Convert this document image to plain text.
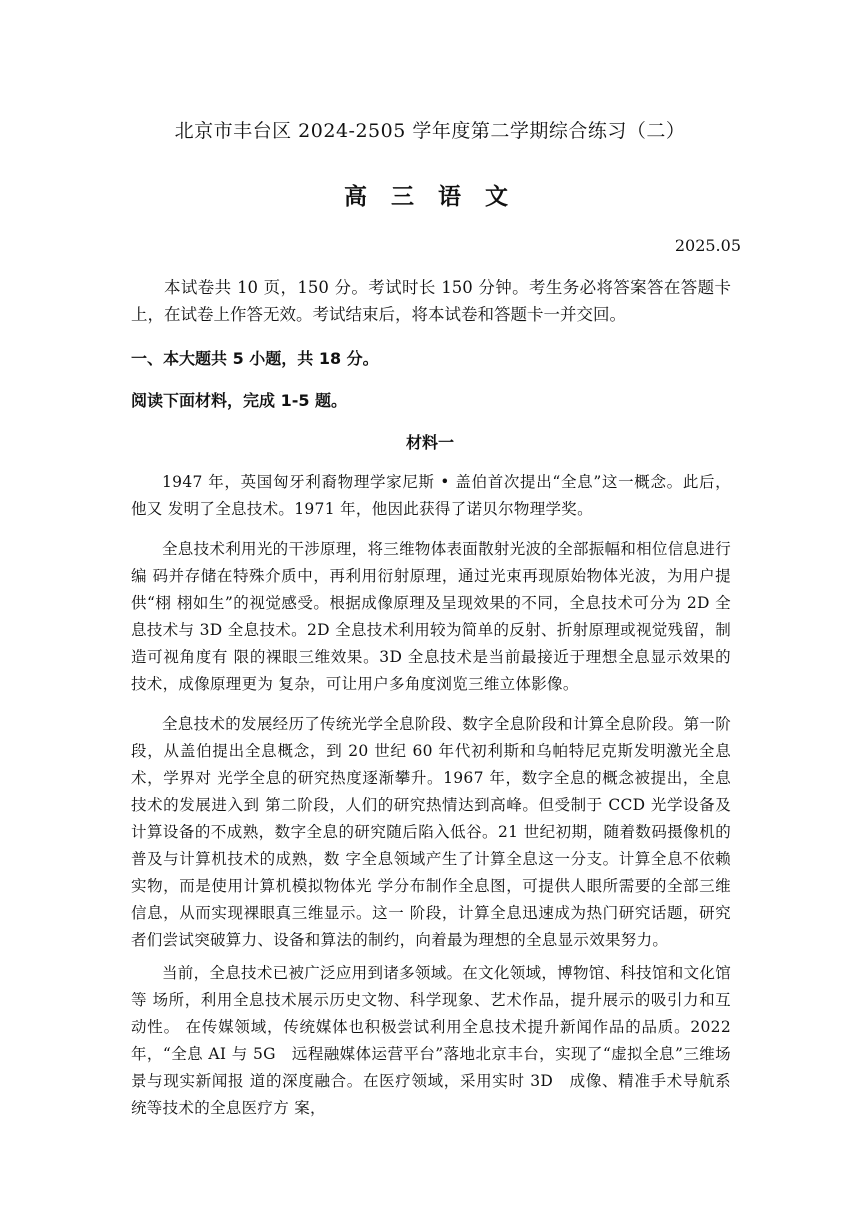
北京市丰台区 2024-2505 学年度第二学期综合练习（二）
高 三 语 文
2025.05
本试卷共 10 页，150 分。考试时长 150 分钟。考生务必将答案答在答题卡上，在试卷上作答无效。考试结束后，将本试卷和答题卡一并交回。
一、本大题共 5 小题，共 18 分。
阅读下面材料，完成 1-5 题。
材料一
1947 年，英国匈牙利裔物理学家尼斯 • 盖伯首次提出“全息”这一概念。此后，他又 发明了全息技术。1971 年，他因此获得了诺贝尔物理学奖。
全息技术利用光的干涉原理，将三维物体表面散射光波的全部振幅和相位信息进行编 码并存储在特殊介质中，再利用衍射原理，通过光束再现原始物体光波，为用户提供“栩 栩如生”的视觉感受。根据成像原理及呈现效果的不同，全息技术可分为 2D 全息技术与 3D 全息技术。2D 全息技术利用较为简单的反射、折射原理或视觉残留，制造可视角度有 限的裸眼三维效果。3D 全息技术是当前最接近于理想全息显示效果的技术，成像原理更为 复杂，可让用户多角度浏览三维立体影像。
全息技术的发展经历了传统光学全息阶段、数字全息阶段和计算全息阶段。第一阶段，从盖伯提出全息概念，到 20 世纪 60 年代初利斯和乌帕特尼克斯发明激光全息术，学界对 光学全息的研究热度逐渐攀升。1967 年，数字全息的概念被提出，全息技术的发展进入到 第二阶段，人们的研究热情达到高峰。但受制于 CCD 光学设备及计算设备的不成熟，数字全息的研究随后陷入低谷。21 世纪初期，随着数码摄像机的普及与计算机技术的成熟，数 字全息领域产生了计算全息这一分支。计算全息不依赖实物，而是使用计算机模拟物体光 学分布制作全息图，可提供人眼所需要的全部三维信息，从而实现裸眼真三维显示。这一 阶段，计算全息迅速成为热门研究话题，研究者们尝试突破算力、设备和算法的制约，向着最为理想的全息显示效果努力。
当前，全息技术已被广泛应用到诸多领域。在文化领域，博物馆、科技馆和文化馆等 场所，利用全息技术展示历史文物、科学现象、艺术作品，提升展示的吸引力和互动性。 在传媒领域，传统媒体也积极尝试利用全息技术提升新闻作品的品质。2022 年，“全息 AI 与 5G　远程融媒体运营平台”落地北京丰台，实现了“虚拟全息”三维场景与现实新闻报 道的深度融合。在医疗领域，采用实时 3D　成像、精准手术导航系统等技术的全息医疗方 案，
